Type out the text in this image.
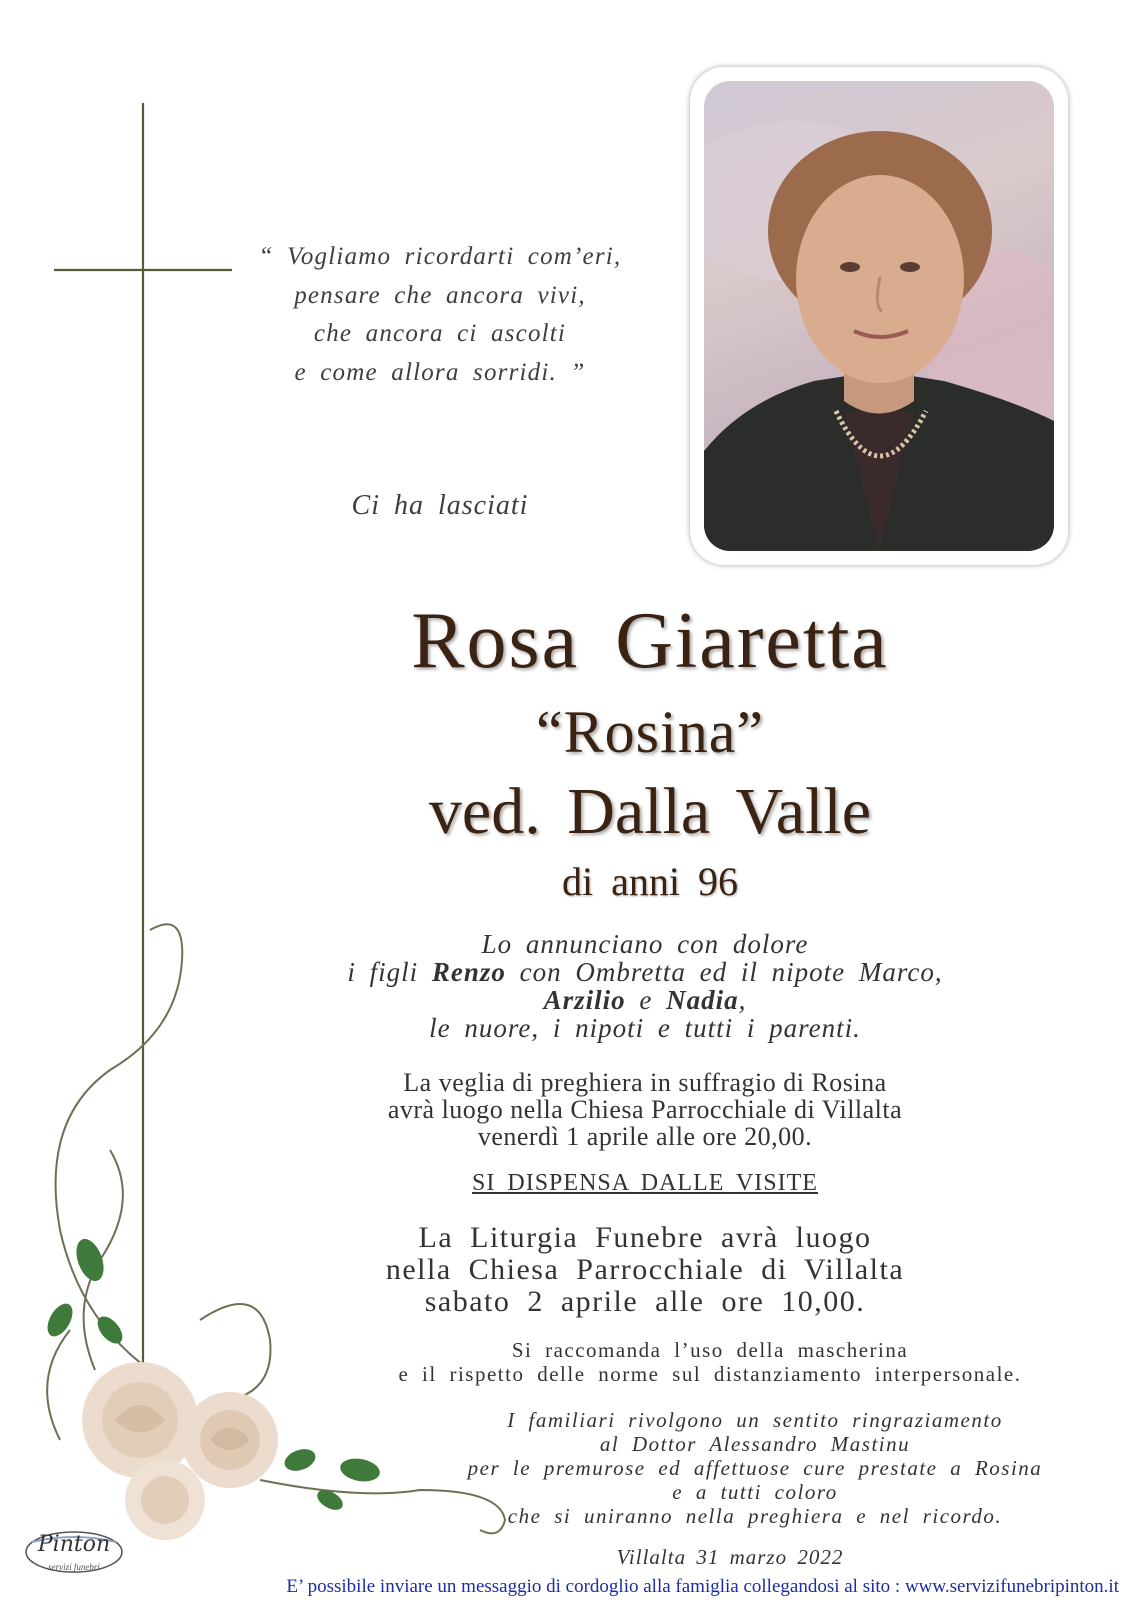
“ Vogliamo ricordarti com’eri,
pensare che ancora vivi,
che ancora ci ascolti
e come allora sorridi. ”
Ci ha lasciati
Rosa Giaretta
“Rosina”
ved. Dalla Valle
di anni 96
Lo annunciano con dolore
i figli Renzo con Ombretta ed il nipote Marco,
Arzilio e Nadia,
le nuore, i nipoti e tutti i parenti.
La veglia di preghiera in suffragio di Rosina
avrà luogo nella Chiesa Parrocchiale di Villalta
venerdì 1 aprile alle ore 20,00.
SI DISPENSA DALLE VISITE
La Liturgia Funebre avrà luogo
nella Chiesa Parrocchiale di Villalta
sabato 2 aprile alle ore 10,00.
Si raccomanda l’uso della mascherina
e il rispetto delle norme sul distanziamento interpersonale.
I familiari rivolgono un sentito ringraziamento
al Dottor Alessandro Mastinu
per le premurose ed affettuose cure prestate a Rosina
e a tutti coloro
che si uniranno nella preghiera e nel ricordo.
Villalta 31 marzo 2022
Pinton
servizi funebri
E’ possibile inviare un messaggio di cordoglio alla famiglia collegandosi al sito : www.servizifunebripinton.it
